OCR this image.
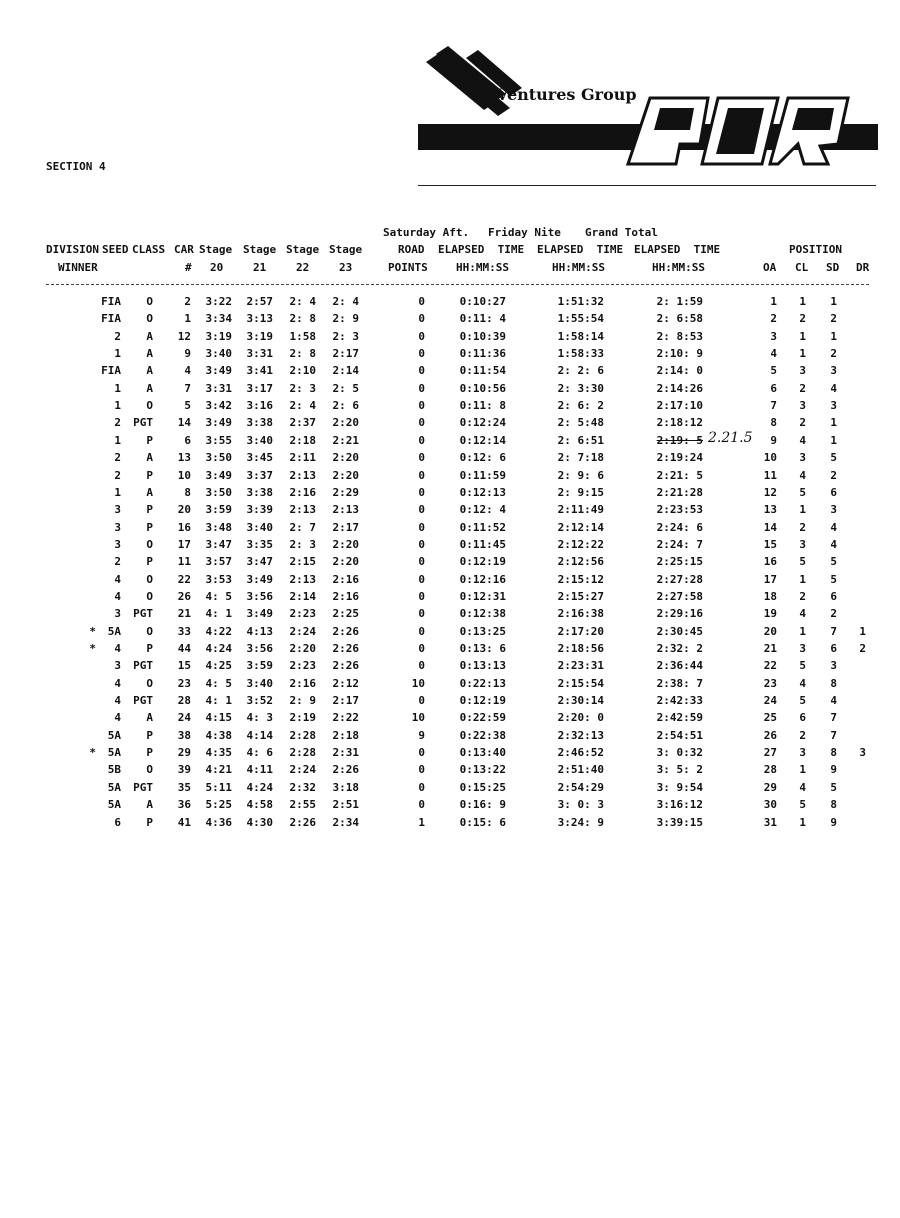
Ventures Group
SECTION 4
Saturday Aft. Friday Nite Grand Total
DIVISION SEED CLASS CAR Stage Stage Stage Stage	ROAD ELAPSED  TIME ELAPSED  TIME ELAPSED  TIME	POSITION
WINNER	# 20	21	22	23	POINTS	HH:MM:SS	HH:MM:SS	HH:MM:SS	OA CL SD DR
FIA	O	2	3:22	2:57	2: 4	2: 4	0	0:10:27	1:51:32	2: 1:59	1	1	1
FIA	O	1	3:34	3:13	2: 8	2: 9	0	0:11: 4	1:55:54	2: 6:58	2	2	2
2	A	12	3:19	3:19	1:58	2: 3	0	0:10:39	1:58:14	2: 8:53	3	1	1
1	A	9	3:40	3:31	2: 8	2:17	0	0:11:36	1:58:33	2:10: 9	4	1	2
FIA	A	4	3:49	3:41	2:10	2:14	0	0:11:54	2: 2: 6	2:14: 0	5	3	3
1	A	7	3:31	3:17	2: 3	2: 5	0	0:10:56	2: 3:30	2:14:26	6	2	4
1	O	5	3:42	3:16	2: 4	2: 6	0	0:11: 8	2: 6: 2	2:17:10	7	3	3
2	PGT	14	3:49	3:38	2:37	2:20	0	0:12:24	2: 5:48	2:18:12	8	2	1
1	P	6	3:55	3:40	2:18	2:21	0	0:12:14	2: 6:51	2:19: 5	9	4	1
2.21.5
2	A	13	3:50	3:45	2:11	2:20	0	0:12: 6	2: 7:18	2:19:24	10	3	5
2	P	10	3:49	3:37	2:13	2:20	0	0:11:59	2: 9: 6	2:21: 5	11	4	2
1	A	8	3:50	3:38	2:16	2:29	0	0:12:13	2: 9:15	2:21:28	12	5	6
3	P	20	3:59	3:39	2:13	2:13	0	0:12: 4	2:11:49	2:23:53	13	1	3
3	P	16	3:48	3:40	2: 7	2:17	0	0:11:52	2:12:14	2:24: 6	14	2	4
3	O	17	3:47	3:35	2: 3	2:20	0	0:11:45	2:12:22	2:24: 7	15	3	4
2	P	11	3:57	3:47	2:15	2:20	0	0:12:19	2:12:56	2:25:15	16	5	5
4	O	22	3:53	3:49	2:13	2:16	0	0:12:16	2:15:12	2:27:28	17	1	5
4	O	26	4: 5	3:56	2:14	2:16	0	0:12:31	2:15:27	2:27:58	18	2	6
3	PGT	21	4: 1	3:49	2:23	2:25	0	0:12:38	2:16:38	2:29:16	19	4	2
*	5A	O	33	4:22	4:13	2:24	2:26	0	0:13:25	2:17:20	2:30:45	20	1	7	1
*	4	P	44	4:24	3:56	2:20	2:26	0	0:13: 6	2:18:56	2:32: 2	21	3	6	2
3	PGT	15	4:25	3:59	2:23	2:26	0	0:13:13	2:23:31	2:36:44	22	5	3
4	O	23	4: 5	3:40	2:16	2:12	10	0:22:13	2:15:54	2:38: 7	23	4	8
4	PGT	28	4: 1	3:52	2: 9	2:17	0	0:12:19	2:30:14	2:42:33	24	5	4
4	A	24	4:15	4: 3	2:19	2:22	10	0:22:59	2:20: 0	2:42:59	25	6	7
5A	P	38	4:38	4:14	2:28	2:18	9	0:22:38	2:32:13	2:54:51	26	2	7
*	5A	P	29	4:35	4: 6	2:28	2:31	0	0:13:40	2:46:52	3: 0:32	27	3	8	3
5B	O	39	4:21	4:11	2:24	2:26	0	0:13:22	2:51:40	3: 5: 2	28	1	9
5A	PGT	35	5:11	4:24	2:32	3:18	0	0:15:25	2:54:29	3: 9:54	29	4	5
5A	A	36	5:25	4:58	2:55	2:51	0	0:16: 9	3: 0: 3	3:16:12	30	5	8
6	P	41	4:36	4:30	2:26	2:34	1	0:15: 6	3:24: 9	3:39:15	31	1	9
